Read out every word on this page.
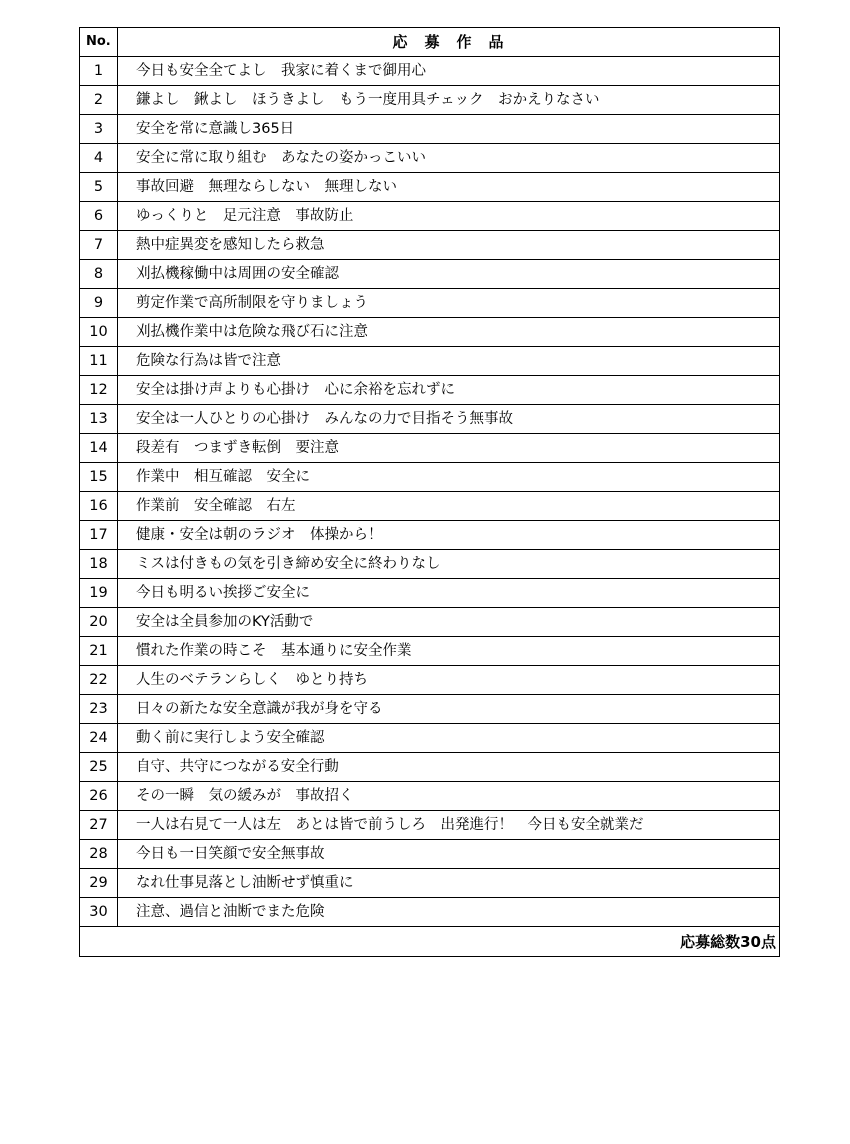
No.	応　募　作　品
1	今日も安全全てよし　我家に着くまで御用心
2	鎌よし　鍬よし　ほうきよし　もう一度用具チェック　おかえりなさい
3	安全を常に意識し365日
4	安全に常に取り組む　あなたの姿かっこいい
5	事故回避　無理ならしない　無理しない
6	ゆっくりと　足元注意　事故防止
7	熱中症異変を感知したら救急
8	刈払機稼働中は周囲の安全確認
9	剪定作業で高所制限を守りましょう
10	刈払機作業中は危険な飛び石に注意
11	危険な行為は皆で注意
12	安全は掛け声よりも心掛け　心に余裕を忘れずに
13	安全は一人ひとりの心掛け　みんなの力で目指そう無事故
14	段差有　つまずき転倒　要注意
15	作業中　相互確認　安全に
16	作業前　安全確認　右左
17	健康・安全は朝のラジオ　体操から！
18	ミスは付きもの気を引き締め安全に終わりなし
19	今日も明るい挨拶ご安全に
20	安全は全員参加のKY活動で
21	慣れた作業の時こそ　基本通りに安全作業
22	人生のベテランらしく　ゆとり持ち
23	日々の新たな安全意識が我が身を守る
24	動く前に実行しよう安全確認
25	自守、共守につながる安全行動
26	その一瞬　気の緩みが　事故招く
27	一人は右見て一人は左　あとは皆で前うしろ　出発進行！　今日も安全就業だ
28	今日も一日笑顔で安全無事故
29	なれ仕事見落とし油断せず慎重に
30	注意、過信と油断でまた危険
応募総数30点	
